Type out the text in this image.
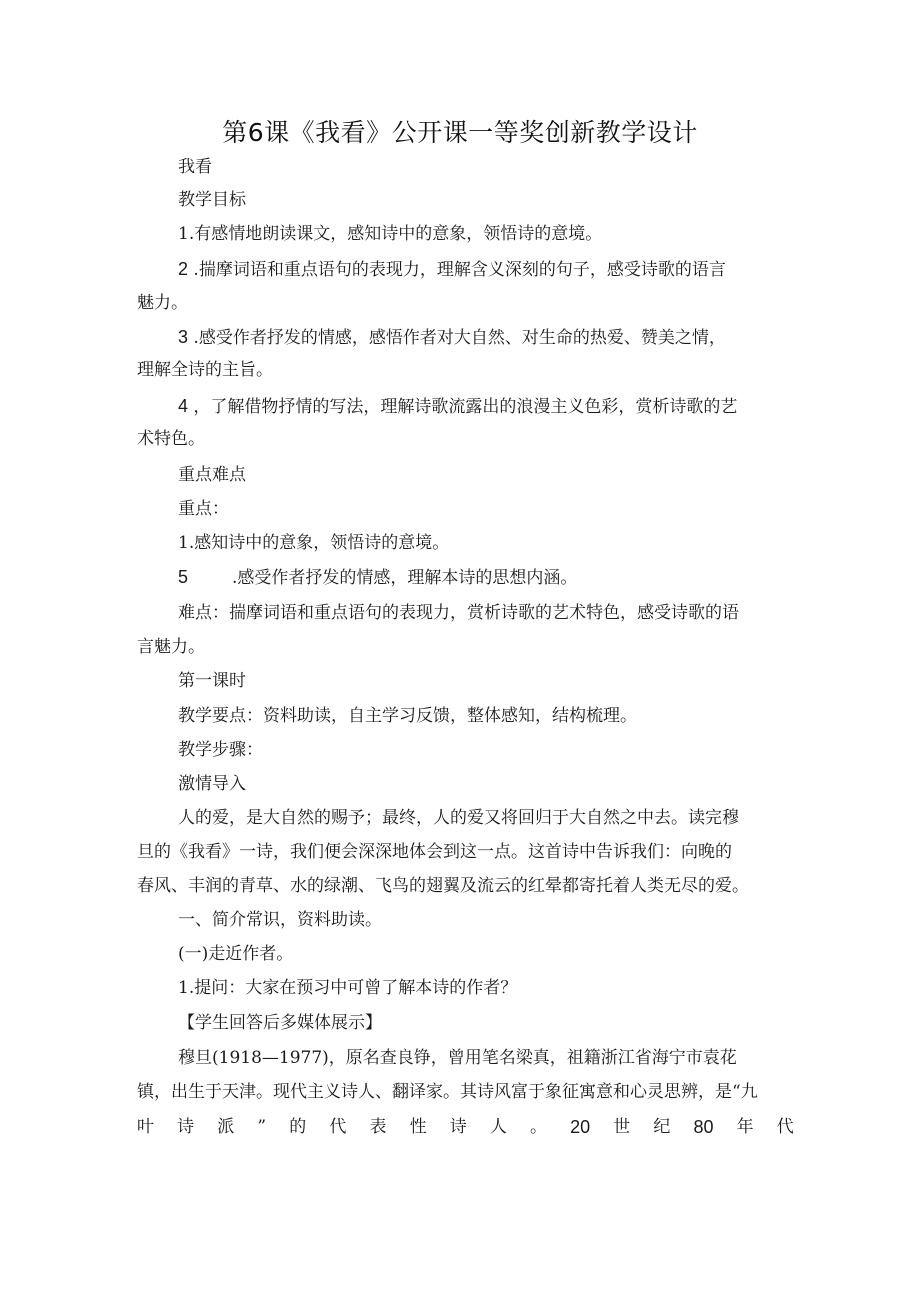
第6课《我看》公开课一等奖创新教学设计
我看
教学目标
1.有感情地朗读课文，感知诗中的意象，领悟诗的意境。
2 .揣摩词语和重点语句的表现力，理解含义深刻的句子，感受诗歌的语言
魅力。
3 .感受作者抒发的情感，感悟作者对大自然、对生命的热爱、赞美之情，
理解全诗的主旨。
4 ，了解借物抒情的写法，理解诗歌流露出的浪漫主义色彩，赏析诗歌的艺
术特色。
重点难点
重点：
1.感知诗中的意象，领悟诗的意境。
5	.感受作者抒发的情感，理解本诗的思想内涵。
难点：揣摩词语和重点语句的表现力，赏析诗歌的艺术特色，感受诗歌的语
言魅力。
第一课时
教学要点：资料助读，自主学习反馈，整体感知，结构梳理。
教学步骤：
激情导入
人的爱，是大自然的赐予；最终，人的爱又将回归于大自然之中去。读完穆
旦的《我看》一诗，我们便会深深地体会到这一点。这首诗中告诉我们：向晚的
春风、丰润的青草、水的绿潮、飞鸟的翅翼及流云的红晕都寄托着人类无尽的爱。
一、简介常识，资料助读。
(一)走近作者。
1.提问：大家在预习中可曾了解本诗的作者？
【学生回答后多媒体展示】
穆旦(1918—1977)，原名查良铮，曾用笔名梁真，祖籍浙江省海宁市袁花
镇，出生于天津。现代主义诗人、翻译家。其诗风富于象征寓意和心灵思辨，是“九
叶 诗 派 ” 的 代 表 性 诗 人 。 20 世 纪 80 年 代
